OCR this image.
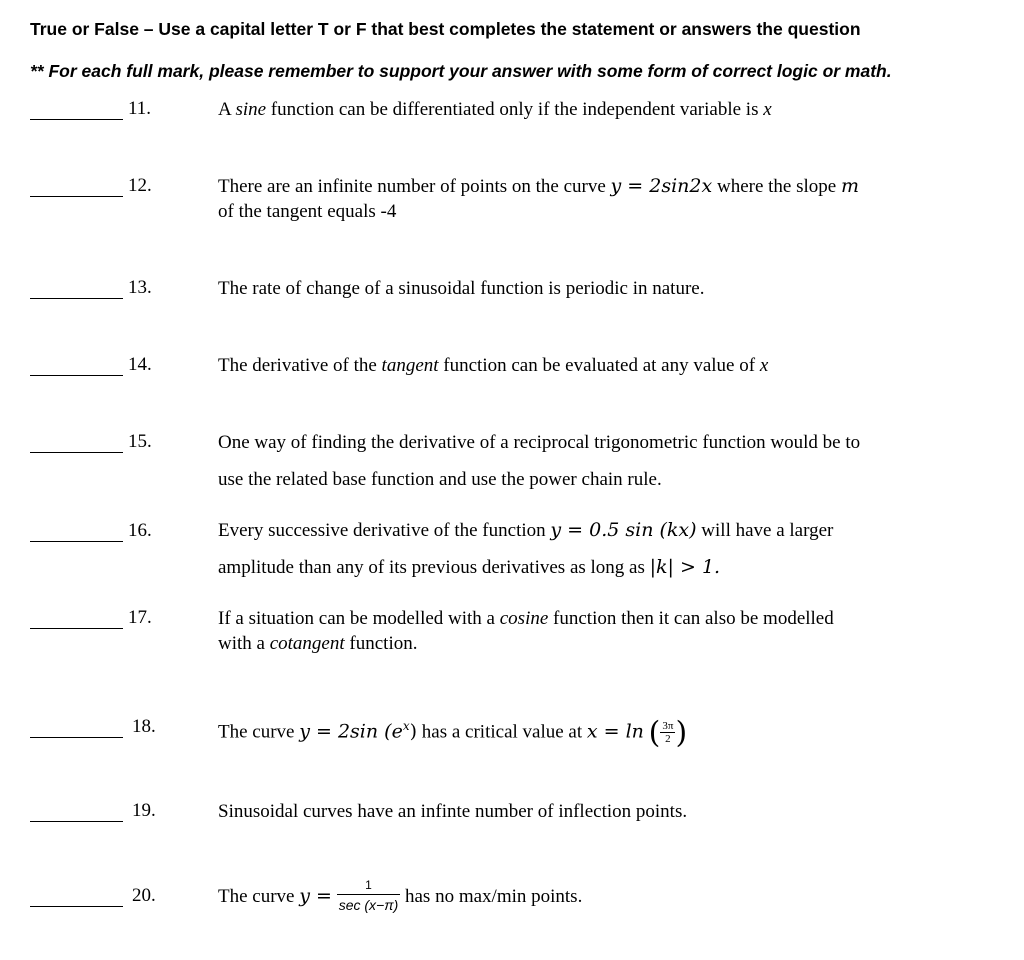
True or False – Use a capital letter T or F that best completes the statement or answers the question
** For each full mark, please remember to support your answer with some form of correct logic or math.
11.	A sine function can be differentiated only if the independent variable is x
12.	There are an infinite number of points on the curve y = 2sin2x where the slope m
of the tangent equals -4
13.	The rate of change of a sinusoidal function is periodic in nature.
14.	The derivative of the tangent function can be evaluated at any value of x
15.	One way of finding the derivative of a reciprocal trigonometric function would be to
use the related base function and use the power chain rule.
16.	Every successive derivative of the function y = 0.5 sin (kx) will have a larger
amplitude than any of its previous derivatives as long as |k| > 1.
17.	If a situation can be modelled with a cosine function then it can also be modelled
with a cotangent function.
18.	The curve y = 2sin $(e^x)$ has a critical value at x = ln ( $\frac{3\pi}{2}$ )
19.	Sinusoidal curves have an infinte number of inflection points.
20.	The curve $y = \frac{1}{\sec (x-\pi)}$ has no max/min points.
